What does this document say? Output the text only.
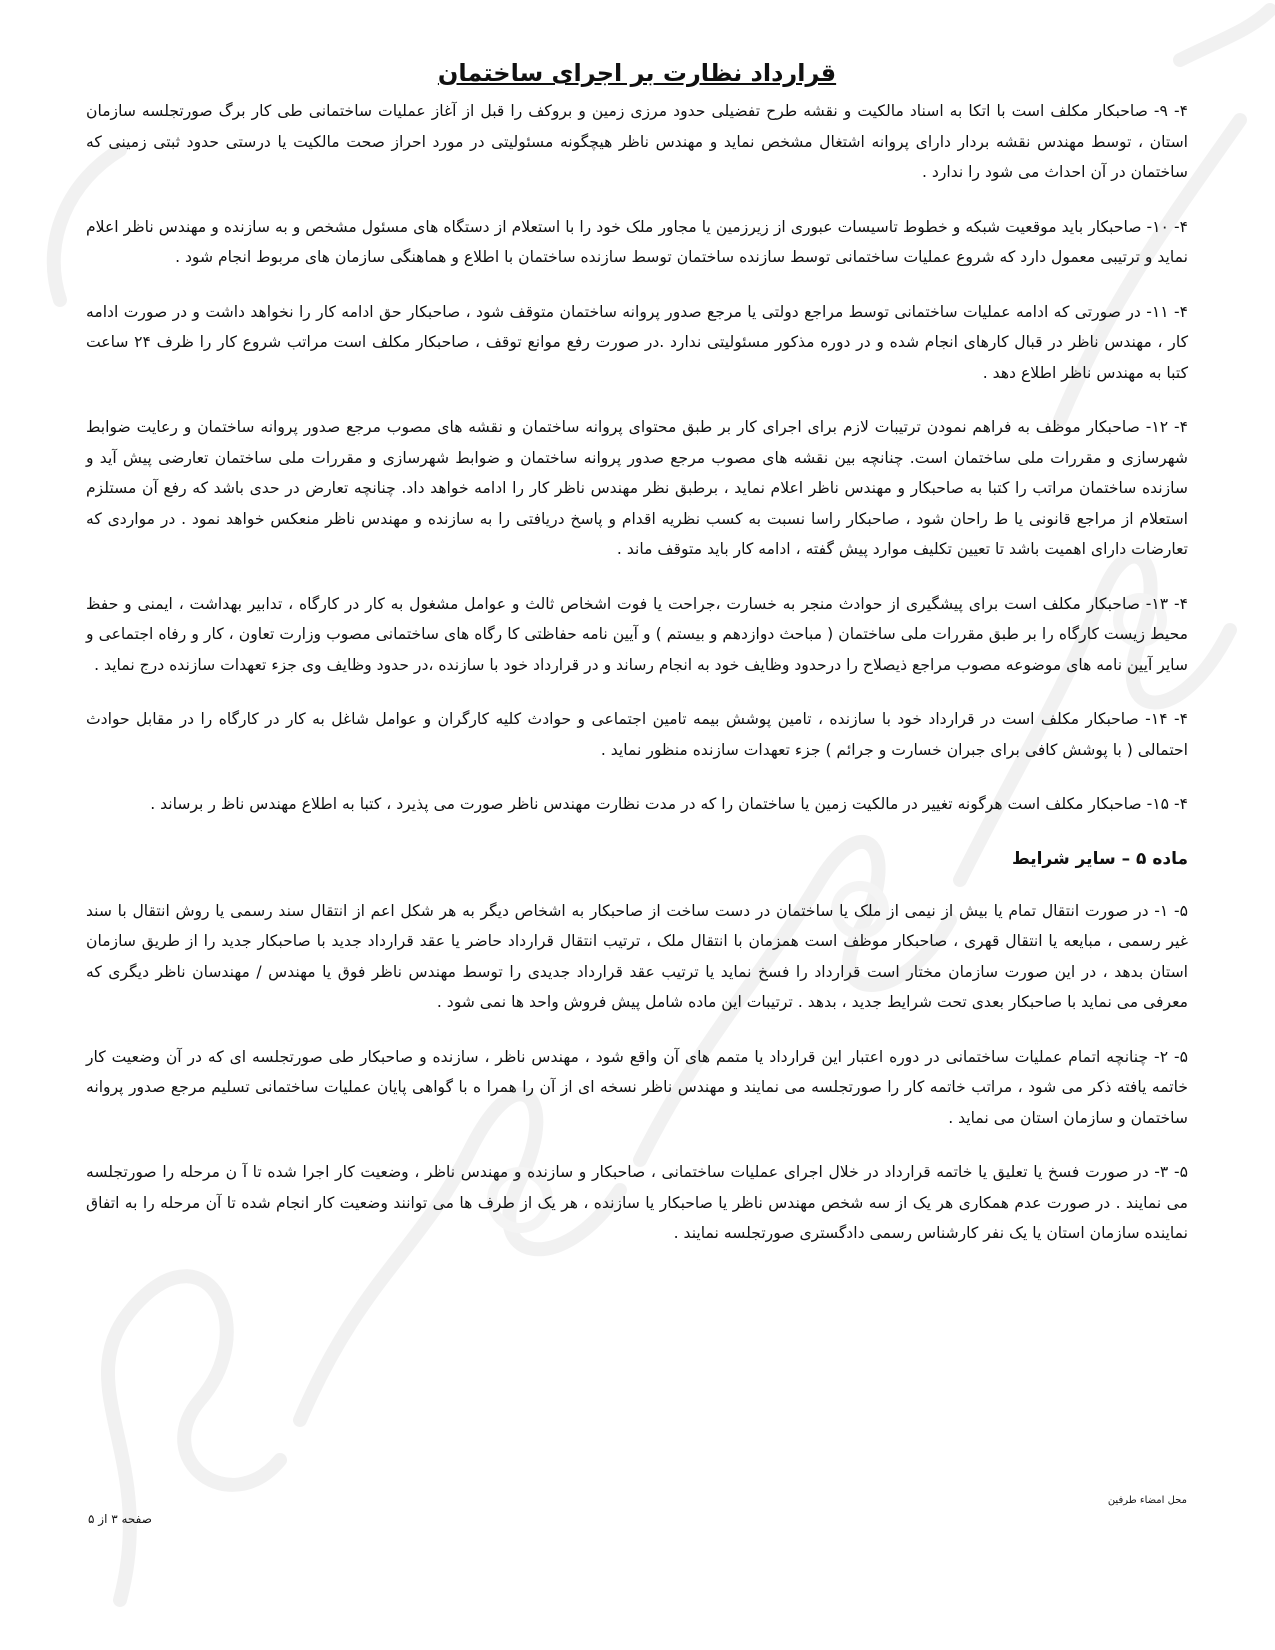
قرارداد نظارت بر اجرای ساختمان

۴- ۹- صاحبکار مکلف است با اتکا به اسناد مالکیت و نقشه طرح تفضیلی حدود مرزی زمین و بروکف را قبل از آغاز عملیات ساختمانی طی کار برگ صورتجلسه سازمان استان ، توسط مهندس نقشه بردار دارای پروانه اشتغال مشخص نماید و مهندس ناظر هیچگونه مسئولیتی در مورد احراز صحت مالکیت یا درستی حدود ثبتی زمینی که ساختمان در آن احداث می شود را ندارد .

۴- ۱۰- صاحبکار باید موقعیت شبکه و خطوط تاسیسات عبوری از زیرزمین یا مجاور ملک خود را با استعلام از دستگاه های مسئول مشخص و به سازنده و مهندس ناظر اعلام نماید و ترتیبی معمول دارد که شروع عملیات ساختمانی توسط سازنده ساختمان توسط سازنده ساختمان با اطلاع و هماهنگی سازمان های مربوط انجام شود .

۴- ۱۱- در صورتی که ادامه عملیات ساختمانی توسط مراجع دولتی یا مرجع صدور پروانه ساختمان متوقف شود ، صاحبکار حق ادامه کار را نخواهد داشت و در صورت ادامه کار ، مهندس ناظر در قبال کارهای انجام شده و در دوره مذکور مسئولیتی ندارد .در صورت رفع موانع توقف ، صاحبکار مکلف است مراتب شروع کار را ظرف ۲۴ ساعت کتبا به مهندس ناظر اطلاع دهد .

۴- ۱۲- صاحبکار موظف به فراهم نمودن ترتیبات لازم برای اجرای کار بر طبق محتوای پروانه ساختمان و نقشه های مصوب مرجع صدور پروانه ساختمان و رعایت ضوابط شهرسازی و مقررات ملی ساختمان است. چنانچه بین نقشه های مصوب مرجع صدور پروانه ساختمان و ضوابط شهرسازی و مقررات ملی ساختمان تعارضی پیش آید و سازنده ساختمان مراتب را کتبا به صاحبکار و مهندس ناظر اعلام نماید ، برطبق نظر مهندس ناظر کار را ادامه خواهد داد. چنانچه تعارض در حدی باشد که رفع آن مستلزم استعلام از مراجع قانونی یا ط راحان شود ، صاحبکار راسا نسبت به کسب نظریه اقدام و پاسخ دریافتی را به سازنده و مهندس ناظر منعکس خواهد نمود . در مواردی که تعارضات دارای اهمیت باشد تا تعیین تکلیف موارد پیش گفته ، ادامه کار باید متوقف ماند .

۴- ۱۳- صاحبکار مکلف است برای پیشگیری از حوادث منجر به خسارت ،جراحت یا فوت اشخاص ثالث و عوامل مشغول به کار در کارگاه ، تدابیر بهداشت ، ایمنی و حفظ محیط زیست کارگاه را بر طبق مقررات ملی ساختمان ( مباحث دوازدهم و بیستم ) و آیین نامه حفاظتی کا رگاه های ساختمانی مصوب وزارت تعاون ، کار و رفاه اجتماعی و سایر آیین نامه های موضوعه مصوب مراجع ذیصلاح را درحدود وظایف خود به انجام رساند و در قرارداد خود با سازنده ،در حدود وظایف وی جزء تعهدات سازنده درج نماید .

۴- ۱۴- صاحبکار مکلف است در قرارداد خود با سازنده ، تامین پوشش بیمه تامین اجتماعی و حوادث کلیه کارگران و عوامل شاغل به کار در کارگاه را در مقابل حوادث احتمالی ( با پوشش کافی برای جبران خسارت و جرائم ) جزء تعهدات سازنده منظور نماید .

۴- ۱۵- صاحبکار مکلف است هرگونه تغییر در مالکیت زمین یا ساختمان را که در مدت نظارت مهندس ناظر صورت می پذیرد ، کتبا به اطلاع مهندس ناظ ر برساند .

ماده ۵ – سایر شرایط

۵- ۱- در صورت انتقال تمام یا بیش از نیمی از ملک یا ساختمان در دست ساخت از صاحبکار به اشخاص دیگر به هر شکل اعم از انتقال سند رسمی یا روش انتقال با سند غیر رسمی ، مبایعه یا انتقال قهری ، صاحبکار موظف است همزمان با انتقال ملک ، ترتیب انتقال قرارداد حاضر یا عقد قرارداد جدید با صاحبکار جدید را از طریق سازمان استان بدهد ، در این صورت سازمان مختار است قرارداد را فسخ نماید یا ترتیب عقد قرارداد جدیدی را توسط مهندس ناظر فوق یا مهندس / مهندسان ناظر دیگری که معرفی می نماید با صاحبکار بعدی تحت شرایط جدید ، بدهد . ترتیبات این ماده شامل پیش فروش واحد ها نمی شود .

۵- ۲- چنانچه اتمام عملیات ساختمانی در دوره اعتبار این قرارداد یا متمم های آن واقع شود ، مهندس ناظر ، سازنده و صاحبکار طی صورتجلسه ای که در آن وضعیت کار خاتمه یافته ذکر می شود ، مراتب خاتمه کار را صورتجلسه می نمایند و مهندس ناظر نسخه ای از آن را همرا ه با گواهی پایان عملیات ساختمانی تسلیم مرجع صدور پروانه ساختمان و سازمان استان می نماید .

۵- ۳- در صورت فسخ یا تعلیق یا خاتمه قرارداد در خلال اجرای عملیات ساختمانی ، صاحبکار و سازنده و مهندس ناظر ، وضعیت کار اجرا شده تا آ ن مرحله را صورتجلسه می نمایند . در صورت عدم همکاری هر یک از سه شخص مهندس ناظر یا صاحبکار یا سازنده ، هر یک از طرف ها می توانند وضعیت کار انجام شده تا آن مرحله را به اتفاق نماینده سازمان استان یا یک نفر کارشناس رسمی دادگستری صورتجلسه نمایند .

محل امضاء طرفین
صفحه ۳ از ۵
